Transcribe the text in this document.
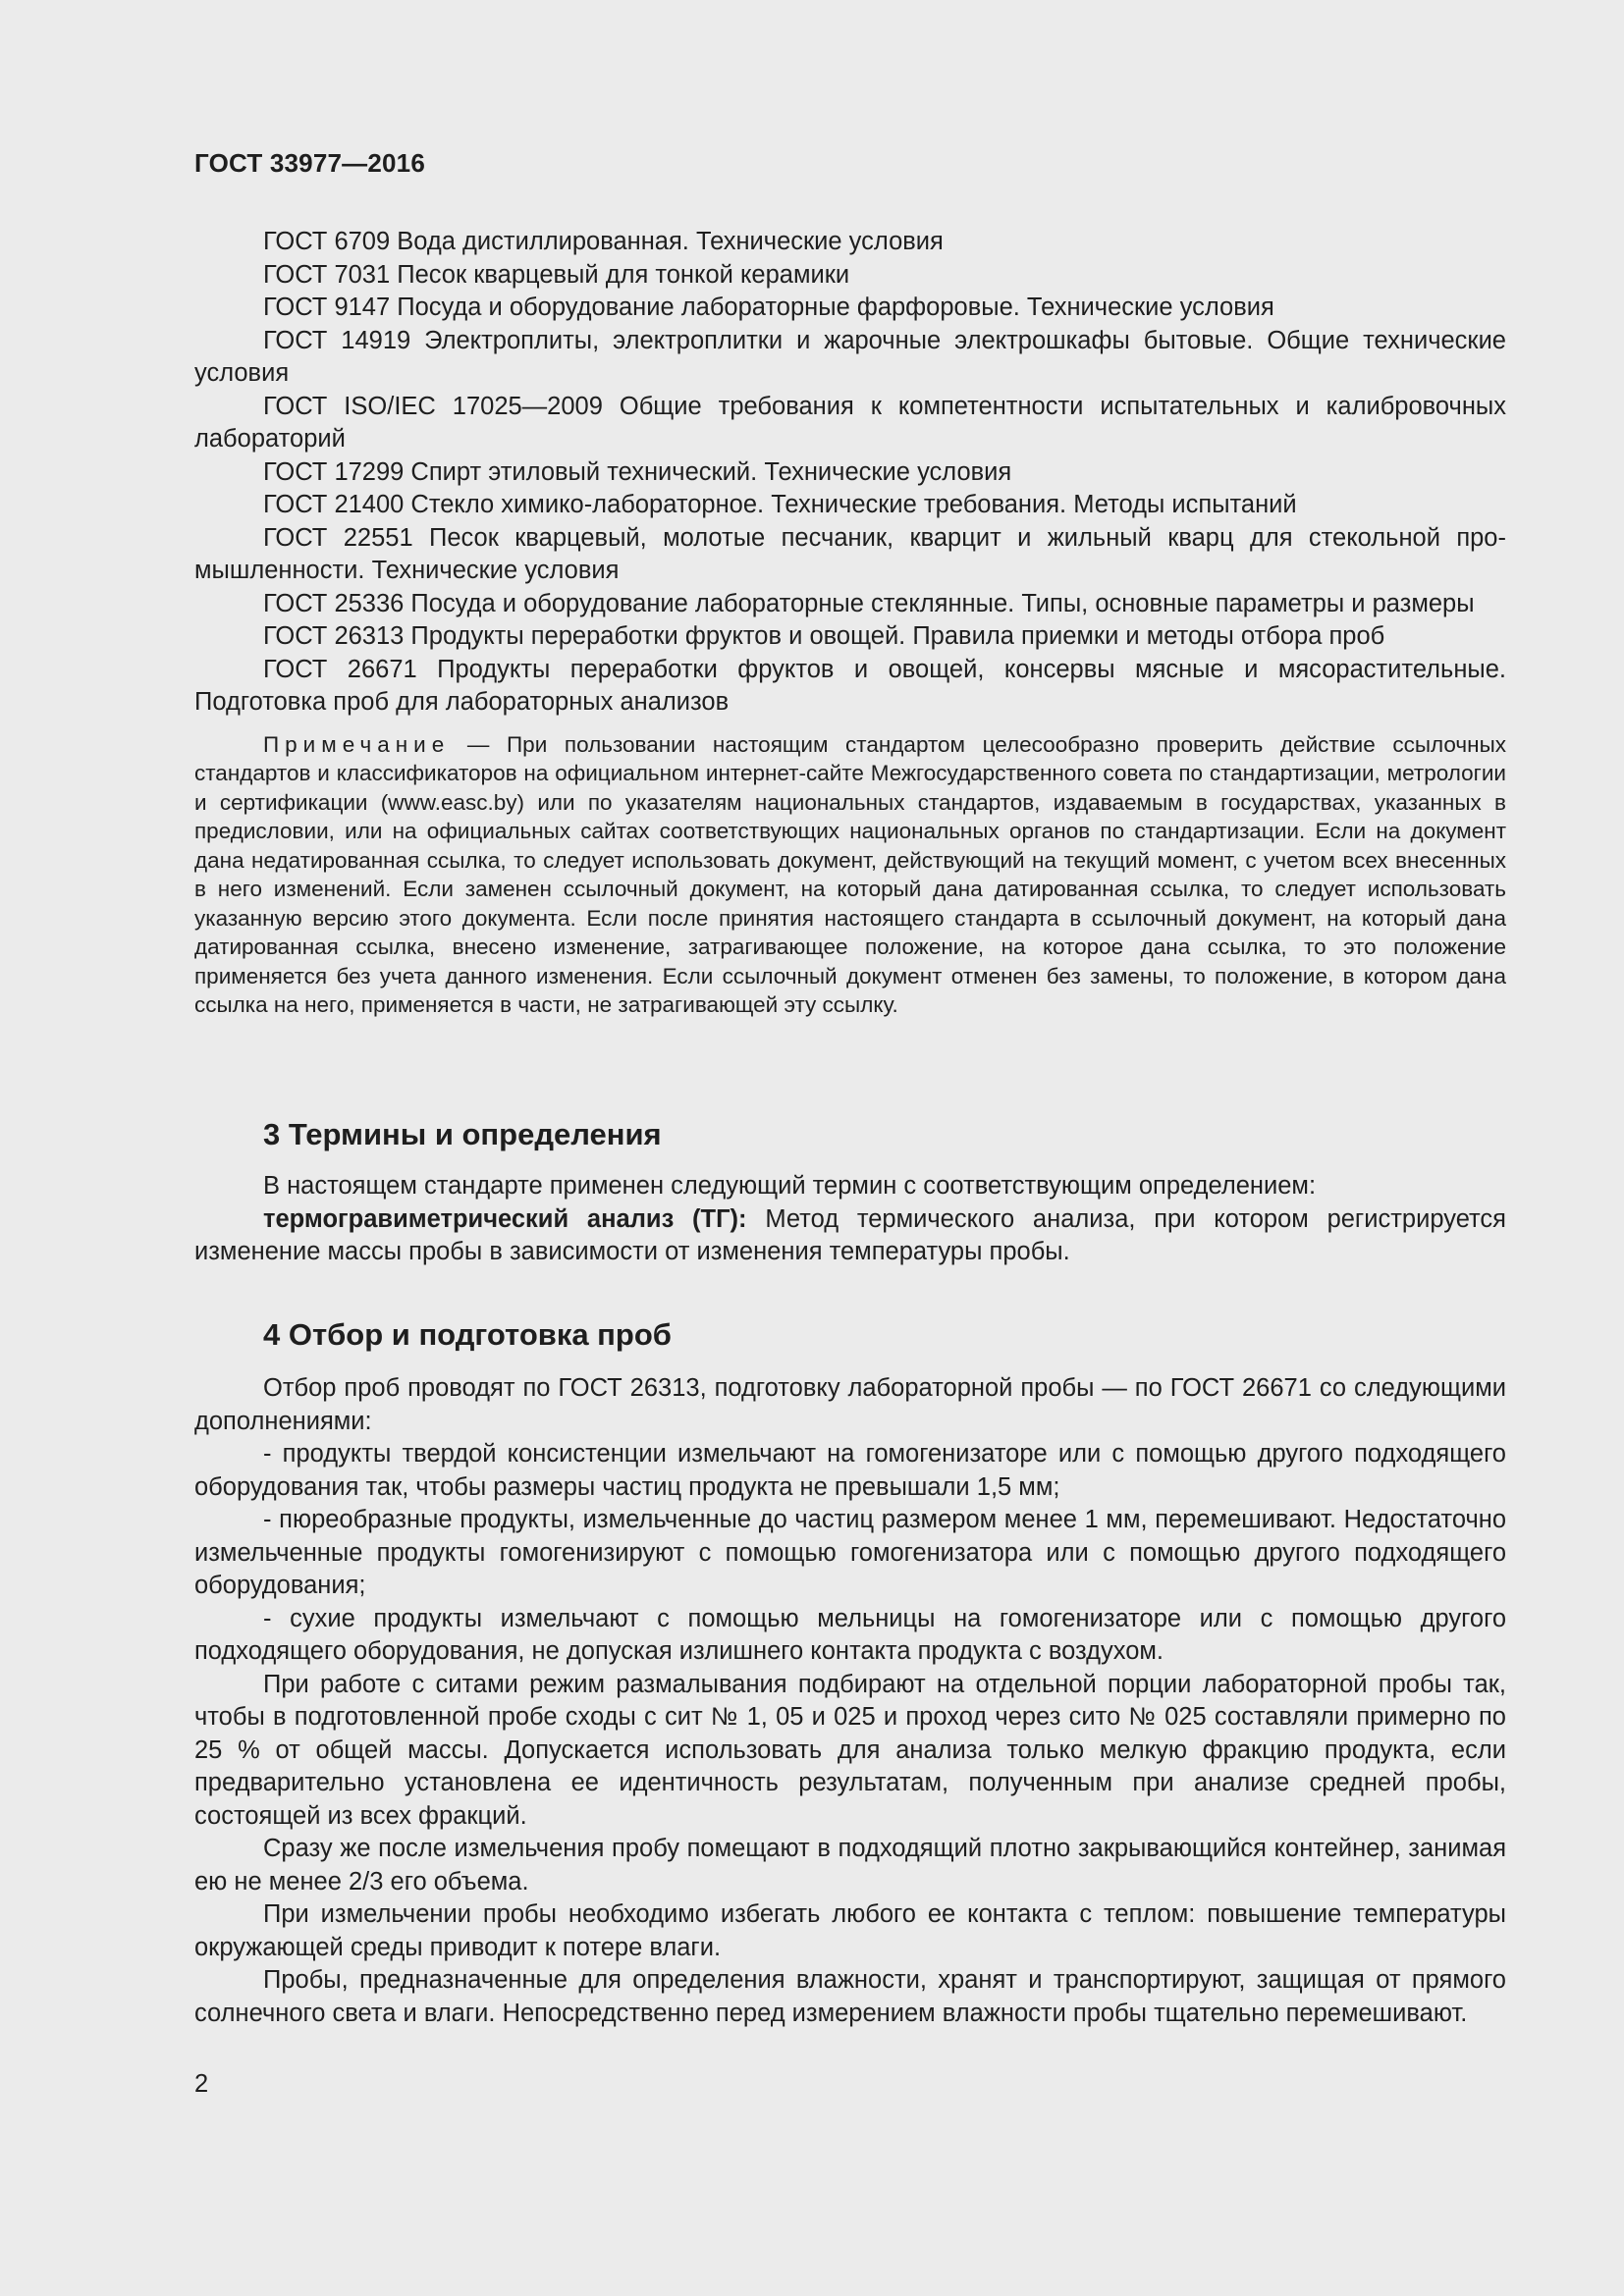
ГОСТ 33977—2016

ГОСТ 6709 Вода дистиллированная. Технические условия

ГОСТ 7031 Песок кварцевый для тонкой керамики

ГОСТ 9147 Посуда и оборудование лабораторные фарфоровые. Технические условия

ГОСТ 14919 Электроплиты, электроплитки и жарочные электрошкафы бытовые. Общие технические условия

ГОСТ ISO/IEC 17025—2009 Общие требования к компетентности испытательных и калибровочных лабораторий

ГОСТ 17299 Спирт этиловый технический. Технические условия

ГОСТ 21400 Стекло химико-лабораторное. Технические требования. Методы испытаний

ГОСТ 22551 Песок кварцевый, молотые песчаник, кварцит и жильный кварц для стекольной промышленности. Технические условия

ГОСТ 25336 Посуда и оборудование лабораторные стеклянные. Типы, основные параметры и размеры

ГОСТ 26313 Продукты переработки фруктов и овощей. Правила приемки и методы отбора проб

ГОСТ 26671 Продукты переработки фруктов и овощей, консервы мясные и мясорастительные. Подготовка проб для лабораторных анализов

Примечание — При пользовании настоящим стандартом целесообразно проверить действие ссылочных стандартов и классификаторов на официальном интернет-сайте Межгосударственного совета по стандартизации, метрологии и сертификации (www.easc.by) или по указателям национальных стандартов, издаваемым в государствах, указанных в предисловии, или на официальных сайтах соответствующих национальных органов по стандартизации. Если на документ дана недатированная ссылка, то следует использовать документ, действующий на текущий момент, с учетом всех внесенных в него изменений. Если заменен ссылочный документ, на который дана датированная ссылка, то следует использовать указанную версию этого документа. Если после принятия настоящего стандарта в ссылочный документ, на который дана датированная ссылка, внесено изменение, затрагивающее положение, на которое дана ссылка, то это положение применяется без учета данного изменения. Если ссылочный документ отменен без замены, то положение, в котором дана ссылка на него, применяется в части, не затрагивающей эту ссылку.

3 Термины и определения

В настоящем стандарте применен следующий термин с соответствующим определением:

термогравиметрический анализ (ТГ): Метод термического анализа, при котором регистрируется изменение массы пробы в зависимости от изменения температуры пробы.

4 Отбор и подготовка проб

Отбор проб проводят по ГОСТ 26313, подготовку лабораторной пробы — по ГОСТ 26671 со следующими дополнениями:

- продукты твердой консистенции измельчают на гомогенизаторе или с помощью другого подходящего оборудования так, чтобы размеры частиц продукта не превышали 1,5 мм;

- пюреобразные продукты, измельченные до частиц размером менее 1 мм, перемешивают. Недостаточно измельченные продукты гомогенизируют с помощью гомогенизатора или с помощью другого подходящего оборудования;

- сухие продукты измельчают с помощью мельницы на гомогенизаторе или с помощью другого подходящего оборудования, не допуская излишнего контакта продукта с воздухом.

При работе с ситами режим размалывания подбирают на отдельной порции лабораторной пробы так, чтобы в подготовленной пробе сходы с сит № 1, 05 и 025 и проход через сито № 025 составляли примерно по 25 % от общей массы. Допускается использовать для анализа только мелкую фракцию продукта, если предварительно установлена ее идентичность результатам, полученным при анализе средней пробы, состоящей из всех фракций.

Сразу же после измельчения пробу помещают в подходящий плотно закрывающийся контейнер, занимая ею не менее 2/3 его объема.

При измельчении пробы необходимо избегать любого ее контакта с теплом: повышение температуры окружающей среды приводит к потере влаги.

Пробы, предназначенные для определения влажности, хранят и транспортируют, защищая от прямого солнечного света и влаги. Непосредственно перед измерением влажности пробы тщательно перемешивают.

2
